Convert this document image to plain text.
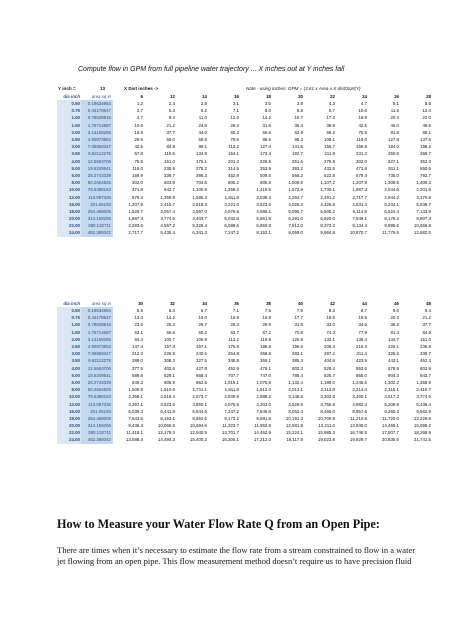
Compute flow in GPM from full pipeline water trajectory ... X inches out at Y inches fall
Y inch =	13	X Dist inches ->	Note - using inches: GPM = (3.61 x Area x X dist/Sqrt(Y)
dia inch	area sq in	6	12	14	16	18	20	22	24	26	28
0.50	0.19634954	1.2	2.4	2.8	3.1	3.5	3.9	4.3	4.7	5.1	5.5
0.75	0.44178647	2.7	5.3	6.2	7.1	8.0	8.8	9.7	10.6	11.5	12.4
1.00	0.78539816	4.7	9.4	11.0	12.6	14.2	15.7	17.3	18.9	20.4	22.0
1.50	1.76714587	10.6	21.2	24.8	28.3	31.8	35.4	38.9	42.5	46.0	49.5
2.00	3.14159265	18.9	37.7	44.0	50.3	56.6	62.9	69.2	75.5	81.8	88.1
2.50	4.90873852	29.5	59.0	68.8	78.6	88.5	98.3	108.1	118.0	127.8	137.6
3.00	7.06858347	42.5	84.9	99.1	113.2	127.4	141.5	155.7	169.9	184.0	198.2
3.50	9.62112275	57.8	115.6	134.9	154.1	173.4	192.7	211.9	231.2	250.5	269.7
4.00	12.5663706	75.5	151.0	176.1	201.3	226.5	251.6	276.8	302.0	327.1	352.3
5.00	19.6349541	118.0	235.9	275.2	314.5	353.9	393.2	432.5	471.8	511.1	550.5
6.00	28.2743339	169.9	339.7	396.3	452.9	509.6	566.2	622.8	679.4	736.0	792.7
8.00	50.2654825	302.0	603.9	704.6	805.2	905.9	1,006.6	1,107.2	1,207.9	1,308.5	1,409.2
10.00	78.5398163	471.8	943.7	1,100.9	1,258.2	1,415.5	1,572.8	1,730.1	1,887.3	2,044.6	2,201.9
12.00	113.097336	679.4	1,358.9	1,585.3	1,811.8	2,038.3	2,264.7	2,491.2	2,717.7	2,944.2	3,170.6
16.00	201.06193	1,207.9	2,415.7	2,818.3	3,221.0	3,623.6	4,026.2	4,428.8	4,831.4	5,234.1	5,636.7
18.00	254.469005	1,528.7	3,057.4	3,567.0	4,076.5	4,586.1	5,095.7	5,605.2	6,114.8	6,624.4	7,133.9
20.00	314.159265	1,887.3	3,774.6	4,403.7	5,032.8	5,661.9	6,291.0	6,920.0	7,549.1	8,178.2	8,807.3
22.00	380.132711	2,283.6	4,567.2	5,328.4	6,089.6	6,850.8	7,612.0	8,373.2	9,134.4	9,895.6	10,656.8
24.00	452.389342	2,717.7	5,435.4	6,341.3	7,247.2	8,153.1	9,059.0	9,964.8	10,870.7	11,776.6	12,682.5
dia inch	area sq in	30	32	34	36	38	40	42	44	46	48
0.50	0.19634954	5.9	6.3	6.7	7.1	7.5	7.9	8.3	8.7	9.0	9.4
0.75	0.44178647	13.3	14.2	15.0	15.9	16.8	17.7	18.6	19.5	20.3	21.2
1.00	0.78539816	23.6	25.2	26.7	28.3	29.9	31.5	33.0	34.6	36.2	37.7
1.50	1.76714587	53.1	56.6	60.2	63.7	67.2	70.8	74.3	77.9	81.4	84.9
2.00	3.14159265	94.4	100.7	106.9	113.2	119.5	125.8	132.1	138.4	144.7	151.0
2.50	4.90873852	147.4	157.3	167.1	176.9	186.8	196.6	206.4	216.3	226.1	235.9
3.00	7.06858347	212.3	226.5	240.6	254.8	268.9	283.1	297.2	311.4	325.6	339.7
3.50	9.62112275	289.0	308.3	327.5	346.8	366.1	385.3	404.6	423.9	443.1	462.4
4.00	12.5663706	377.5	402.6	427.8	452.9	478.1	503.3	528.4	553.6	578.8	603.9
5.00	19.6349541	589.8	629.1	668.4	707.7	747.0	786.4	825.7	865.0	904.3	943.7
6.00	28.2743339	849.3	905.9	962.5	1,019.1	1,075.8	1,132.4	1,189.0	1,245.6	1,302.2	1,358.9
8.00	50.2654825	1,509.8	1,610.5	1,711.1	1,811.8	1,912.4	2,013.1	2,113.8	2,214.4	2,315.1	2,415.7
10.00	78.5398163	2,359.1	2,516.4	2,673.7	2,830.9	2,988.2	3,145.5	3,302.8	3,460.1	3,617.3	3,774.6
12.00	113.097336	3,397.1	3,623.6	3,850.1	4,076.5	4,303.0	4,529.5	4,755.9	4,982.4	5,208.9	5,435.4
16.00	201.06193	6,039.3	6,441.9	6,844.5	7,247.2	7,649.8	8,052.4	8,455.0	8,857.6	9,260.3	9,662.9
18.00	254.469005	7,643.5	8,153.1	8,662.6	9,172.2	9,681.8	10,191.3	10,700.9	11,210.5	11,720.0	12,229.6
20.00	314.159265	9,436.4	10,065.5	10,694.6	11,323.7	11,952.8	12,581.9	13,211.0	13,840.0	14,469.1	15,098.2
22.00	380.132711	11,418.1	12,179.3	12,940.5	13,701.7	14,462.9	15,224.1	15,985.3	16,746.5	17,507.7	18,268.9
24.00	452.389342	13,588.4	14,494.3	15,400.2	16,306.1	17,212.0	18,117.9	19,023.8	19,929.7	20,835.6	21,741.5
How to Measure your Water Flow Rate Q from an Open Pipe:
There are times when it’s necessary to estimate the flow rate from a stream constrained to flow in a water
jet flowing from an open pipe. This flow measurement method doesn’t require us to have precision fluid
